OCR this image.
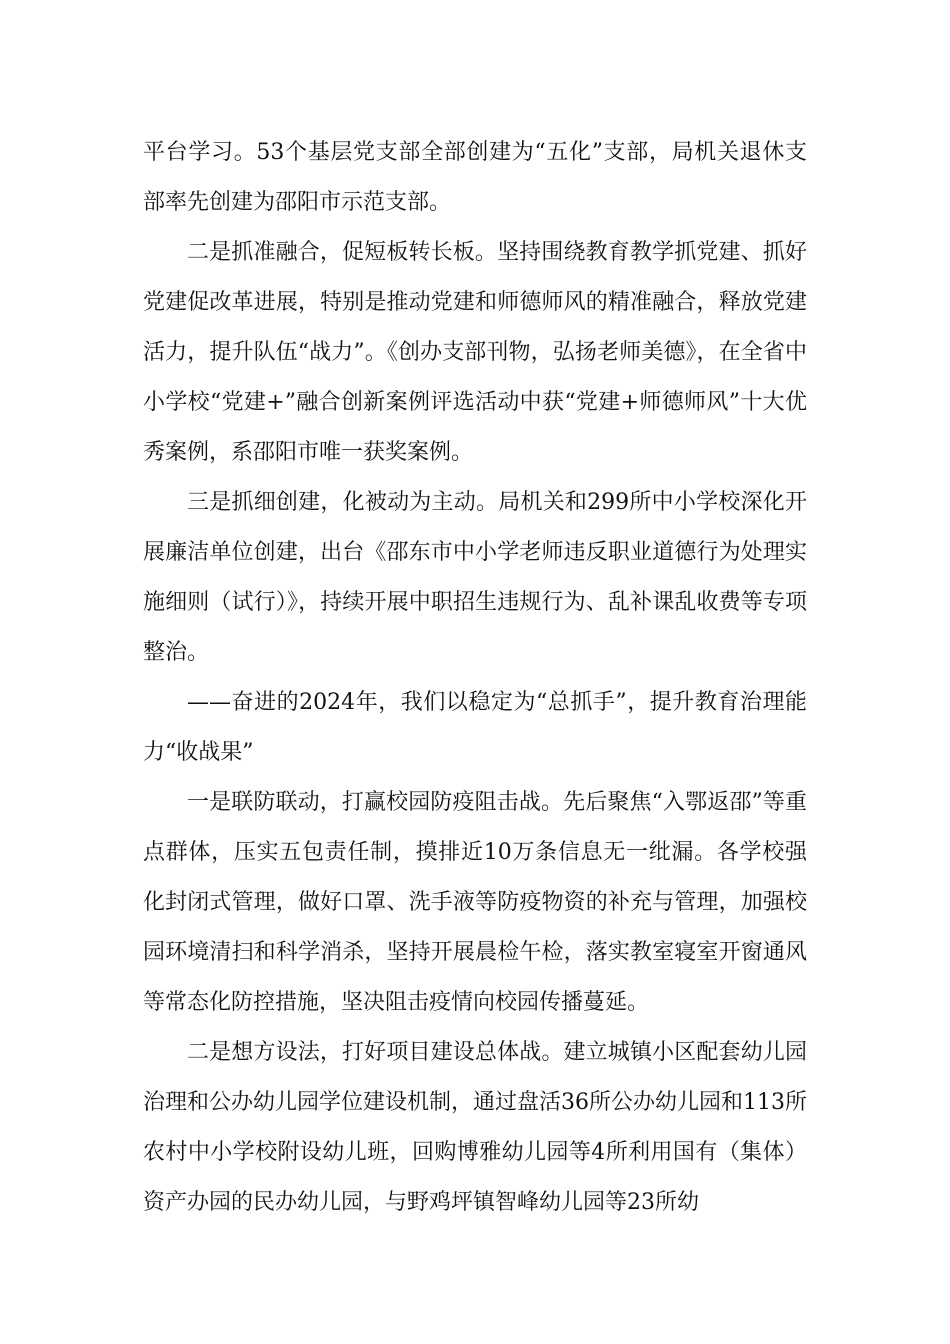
平台学习。53个基层党支部全部创建为“五化”支部，局机关退休支部率先创建为邵阳市示范支部。

二是抓准融合，促短板转长板。坚持围绕教育教学抓党建、抓好党建促改革进展，特别是推动党建和师德师风的精准融合，释放党建活力，提升队伍“战力”。《创办支部刊物，弘扬老师美德》，在全省中小学校“党建+”融合创新案例评选活动中获“党建+师德师风”十大优秀案例，系邵阳市唯一获奖案例。

三是抓细创建，化被动为主动。局机关和299所中小学校深化开展廉洁单位创建，出台《邵东市中小学老师违反职业道德行为处理实施细则（试行）》，持续开展中职招生违规行为、乱补课乱收费等专项整治。

——奋进的2024年，我们以稳定为“总抓手”，提升教育治理能力“收战果”

一是联防联动，打赢校园防疫阻击战。先后聚焦“入鄂返邵”等重点群体，压实五包责任制，摸排近10万条信息无一纰漏。各学校强化封闭式管理，做好口罩、洗手液等防疫物资的补充与管理，加强校园环境清扫和科学消杀，坚持开展晨检午检，落实教室寝室开窗通风等常态化防控措施，坚决阻击疫情向校园传播蔓延。

二是想方设法，打好项目建设总体战。建立城镇小区配套幼儿园治理和公办幼儿园学位建设机制，通过盘活36所公办幼儿园和113所农村中小学校附设幼儿班，回购博雅幼儿园等4所利用国有（集体）资产办园的民办幼儿园，与野鸡坪镇智峰幼儿园等23所幼
